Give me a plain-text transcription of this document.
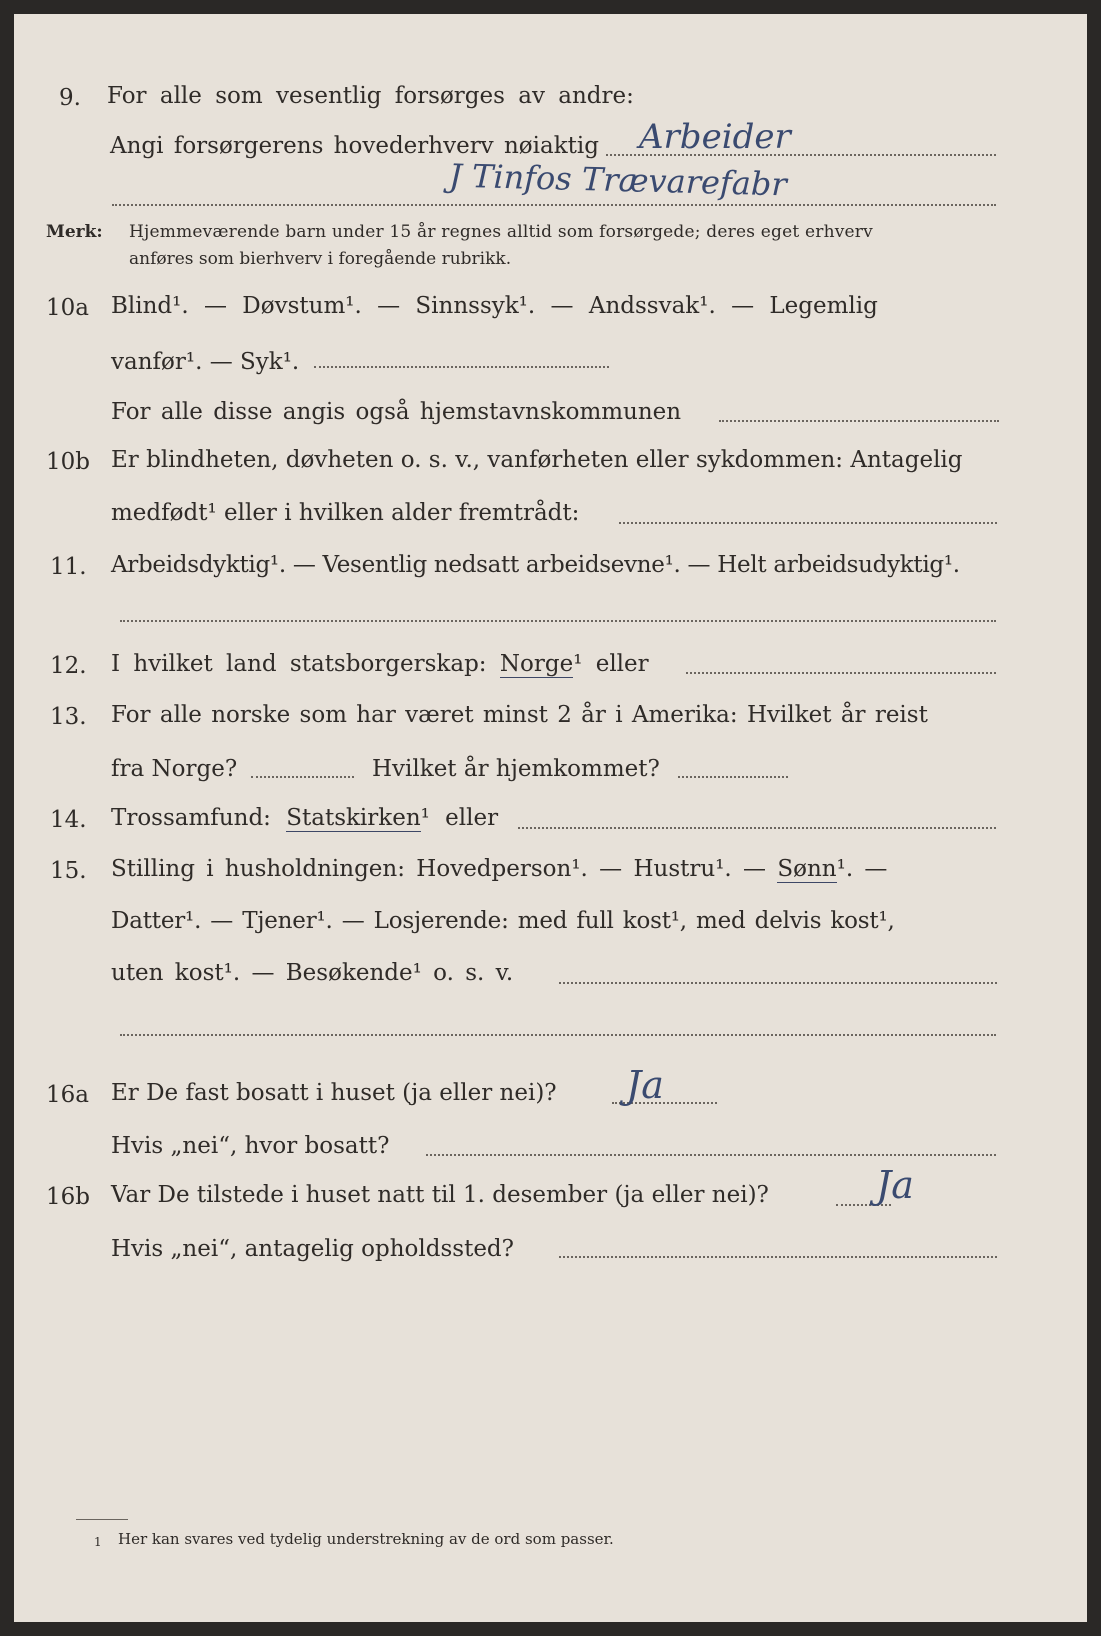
9. For alle som vesentlig forsørges av andre:
Angi forsørgerens hovederhverv nøiaktig Arbeider
J Tinfos Trævarefabr
Merk: Hjemmeværende barn under 15 år regnes alltid som forsørgede; deres eget erhverv
anføres som bierhverv i foregående rubrikk.
10a Blind¹. — Døvstum¹. — Sinnssyk¹. — Andssvak¹. — Legemlig
vanfør¹. — Syk¹.
For alle disse angis også hjemstavnskommunen
10b Er blindheten, døvheten o. s. v., vanførheten eller sykdommen: Antagelig
medfødt¹ eller i hvilken alder fremtrådt:
11. Arbeidsdyktig¹. — Vesentlig nedsatt arbeidsevne¹. — Helt arbeidsudyktig¹.
12. I hvilket land statsborgerskap: Norge¹ eller
13. For alle norske som har været minst 2 år i Amerika: Hvilket år reist
fra Norge?	Hvilket år hjemkommet?
14. Trossamfund: Statskirken¹ eller
15. Stilling i husholdningen: Hovedperson¹. — Hustru¹. — Sønn¹. —
Datter¹. — Tjener¹. — Losjerende: med full kost¹, med delvis kost¹,
uten kost¹. — Besøkende¹ o. s. v.
16a Er De fast bosatt i huset (ja eller nei)? Ja
Hvis „nei“, hvor bosatt?
16b Var De tilstede i huset natt til 1. desember (ja eller nei)?	Ja
Hvis „nei“, antagelig opholdssted?
1 Her kan svares ved tydelig understrekning av de ord som passer.
